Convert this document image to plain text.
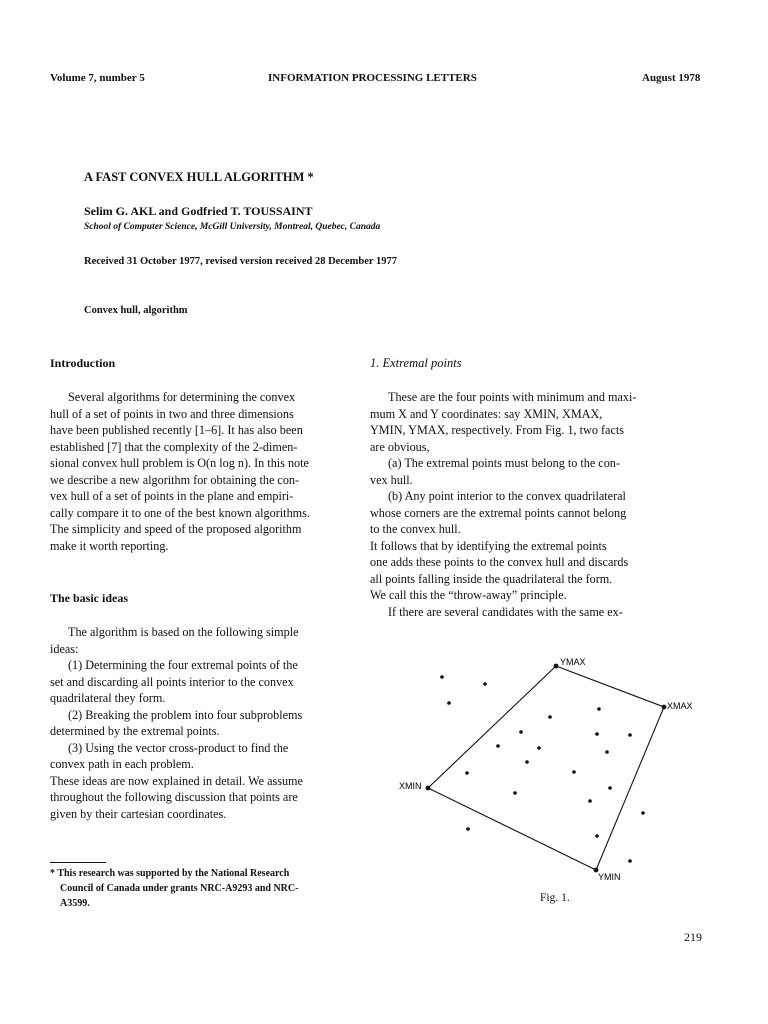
Volume 7, number 5	INFORMATION PROCESSING LETTERS	August 1978
A FAST CONVEX HULL ALGORITHM *
Selim G. AKL and Godfried T. TOUSSAINT
School of Computer Science, McGill University, Montreal, Quebec, Canada
Received 31 October 1977, revised version received 28 December 1977
Convex hull, algorithm
Introduction

Several algorithms for determining the convex

hull of a set of points in two and three dimensions

have been published recently [1–6]. It has also been

established [7] that the complexity of the 2-dimen-

sional convex hull problem is O(n log n). In this note

we describe a new algorithm for obtaining the con-

vex hull of a set of points in the plane and empiri-

cally compare it to one of the best known algorithms.

The simplicity and speed of the proposed algorithm

make it worth reporting.

The basic ideas

The algorithm is based on the following simple

ideas:

(1) Determining the four extremal points of the

set and discarding all points interior to the convex

quadrilateral they form.

(2) Breaking the problem into four subproblems

determined by the extremal points.

(3) Using the vector cross-product to find the

convex path in each problem.

These ideas are now explained in detail. We assume

throughout the following discussion that points are

given by their cartesian coordinates.

* This research was supported by the National Research
Council of Canada under grants NRC-A9293 and NRC-
A3599.
1. Extremal points

These are the four points with minimum and maxi-

mum X and Y coordinates: say XMIN, XMAX,

YMIN, YMAX, respectively. From Fig. 1, two facts

are obvious,

(a) The extremal points must belong to the con-

vex hull.

(b) Any point interior to the convex quadrilateral

whose corners are the extremal points cannot belong

to the convex hull.

It follows that by identifying the extremal points

one adds these points to the convex hull and discards

all points falling inside the quadrilateral the form.

We call this the “throw-away” principle.

If there are several candidates with the same ex-

YMAX
XMAX
XMIN
YMIN
Fig. 1.
219
